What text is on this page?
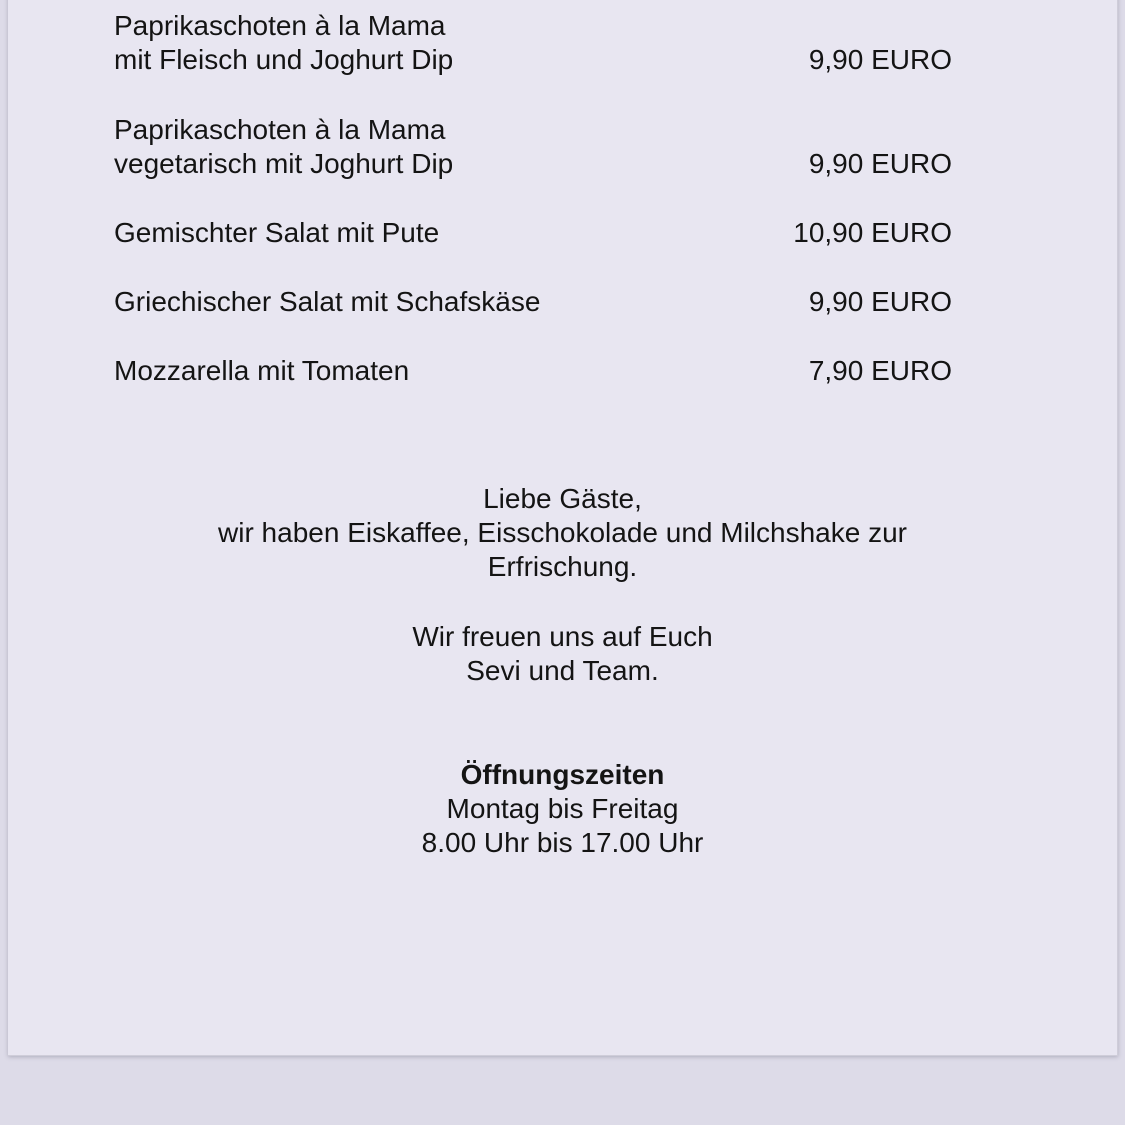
Paprikaschoten à la Mama
mit Fleisch und Joghurt Dip	9,90 EURO
Paprikaschoten à la Mama
vegetarisch mit Joghurt Dip	9,90 EURO
Gemischter Salat mit Pute	10,90 EURO
Griechischer Salat mit Schafskäse	9,90 EURO
Mozzarella mit Tomaten	7,90 EURO
Liebe Gäste,
wir haben Eiskaffee, Eisschokolade und Milchshake zur
Erfrischung.
Wir freuen uns auf Euch
Sevi und Team.
Öffnungszeiten
Montag bis Freitag
8.00 Uhr bis 17.00 Uhr
